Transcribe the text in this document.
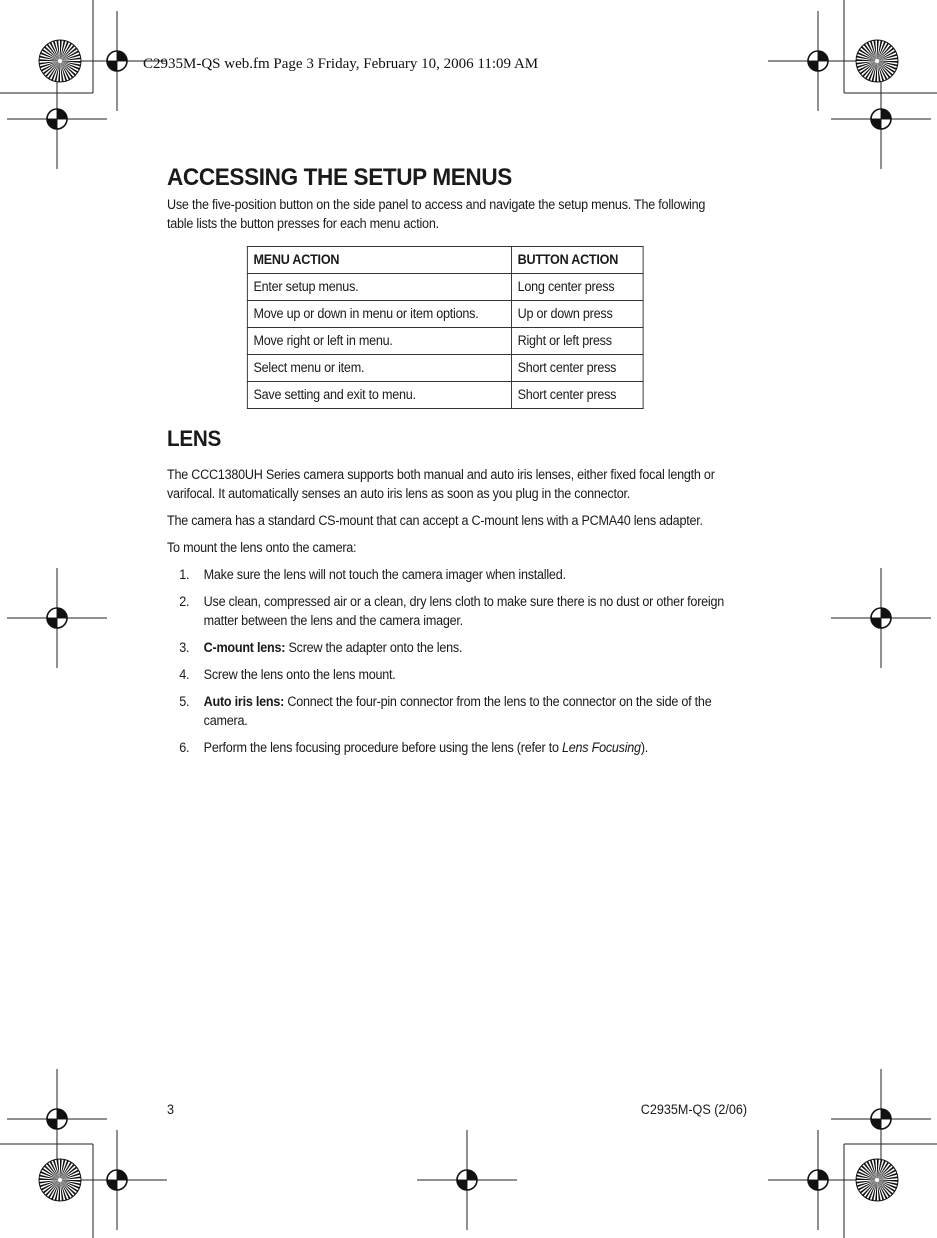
C2935M-QS web.fm Page 3 Friday, February 10, 2006 11:09 AM
ACCESSING THE SETUP MENUS

Use the five-position button on the side panel to access and navigate the setup menus. The following table lists the button presses for each menu action.

MENU ACTION	BUTTON ACTION
Enter setup menus.	Long center press
Move up or down in menu or item options.	Up or down press
Move right or left in menu.	Right or left press
Select menu or item.	Short center press
Save setting and exit to menu.	Short center press
LENS

The CCC1380UH Series camera supports both manual and auto iris lenses, either fixed focal length or varifocal. It automatically senses an auto iris lens as soon as you plug in the connector.

The camera has a standard CS-mount that can accept a C-mount lens with a PCMA40 lens adapter.

To mount the lens onto the camera:

1. Make sure the lens will not touch the camera imager when installed.
2. Use clean, compressed air or a clean, dry lens cloth to make sure there is no dust or other foreign matter between the lens and the camera imager.
3. C-mount lens: Screw the adapter onto the lens.
4. Screw the lens onto the lens mount.
5. Auto iris lens: Connect the four-pin connector from the lens to the connector on the side of the camera.
6. Perform the lens focusing procedure before using the lens (refer to Lens Focusing).
3	C2935M-QS (2/06)
